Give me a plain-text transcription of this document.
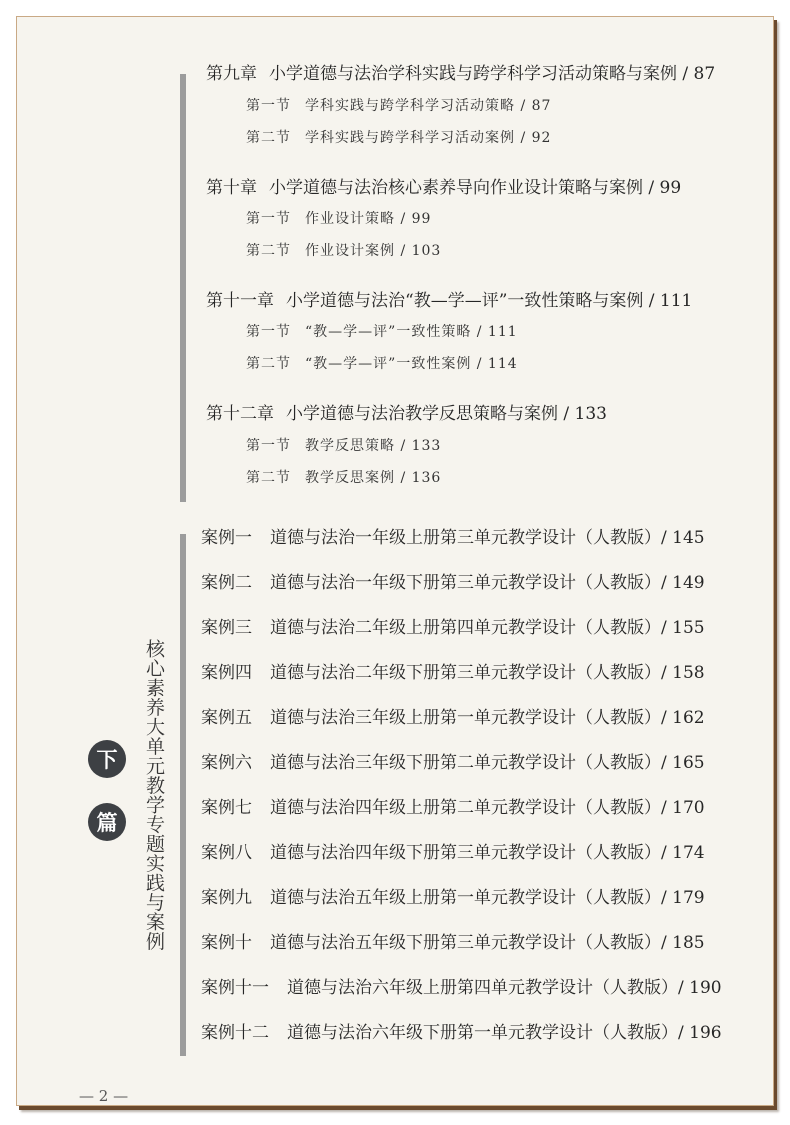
第九章 小学道德与法治学科实践与跨学科学习活动策略与案例 / 87
第一节 学科实践与跨学科学习活动策略 / 87
第二节 学科实践与跨学科学习活动案例 / 92
第十章 小学道德与法治核心素养导向作业设计策略与案例 / 99
第一节 作业设计策略 / 99
第二节 作业设计案例 / 103
第十一章 小学道德与法治“教—学—评”一致性策略与案例 / 111
第一节 “教—学—评”一致性策略 / 111
第二节 “教—学—评”一致性案例 / 114
第十二章 小学道德与法治教学反思策略与案例 / 133
第一节 教学反思策略 / 133
第二节 教学反思案例 / 136
核心素养大单元教学专题实践与案例
下
篇
案例一 道德与法治一年级上册第三单元教学设计（人教版）/ 145
案例二 道德与法治一年级下册第三单元教学设计（人教版）/ 149
案例三 道德与法治二年级上册第四单元教学设计（人教版）/ 155
案例四 道德与法治二年级下册第三单元教学设计（人教版）/ 158
案例五 道德与法治三年级上册第一单元教学设计（人教版）/ 162
案例六 道德与法治三年级下册第二单元教学设计（人教版）/ 165
案例七 道德与法治四年级上册第二单元教学设计（人教版）/ 170
案例八 道德与法治四年级下册第三单元教学设计（人教版）/ 174
案例九 道德与法治五年级上册第一单元教学设计（人教版）/ 179
案例十 道德与法治五年级下册第三单元教学设计（人教版）/ 185
案例十一 道德与法治六年级上册第四单元教学设计（人教版）/ 190
案例十二 道德与法治六年级下册第一单元教学设计（人教版）/ 196
— 2 —
